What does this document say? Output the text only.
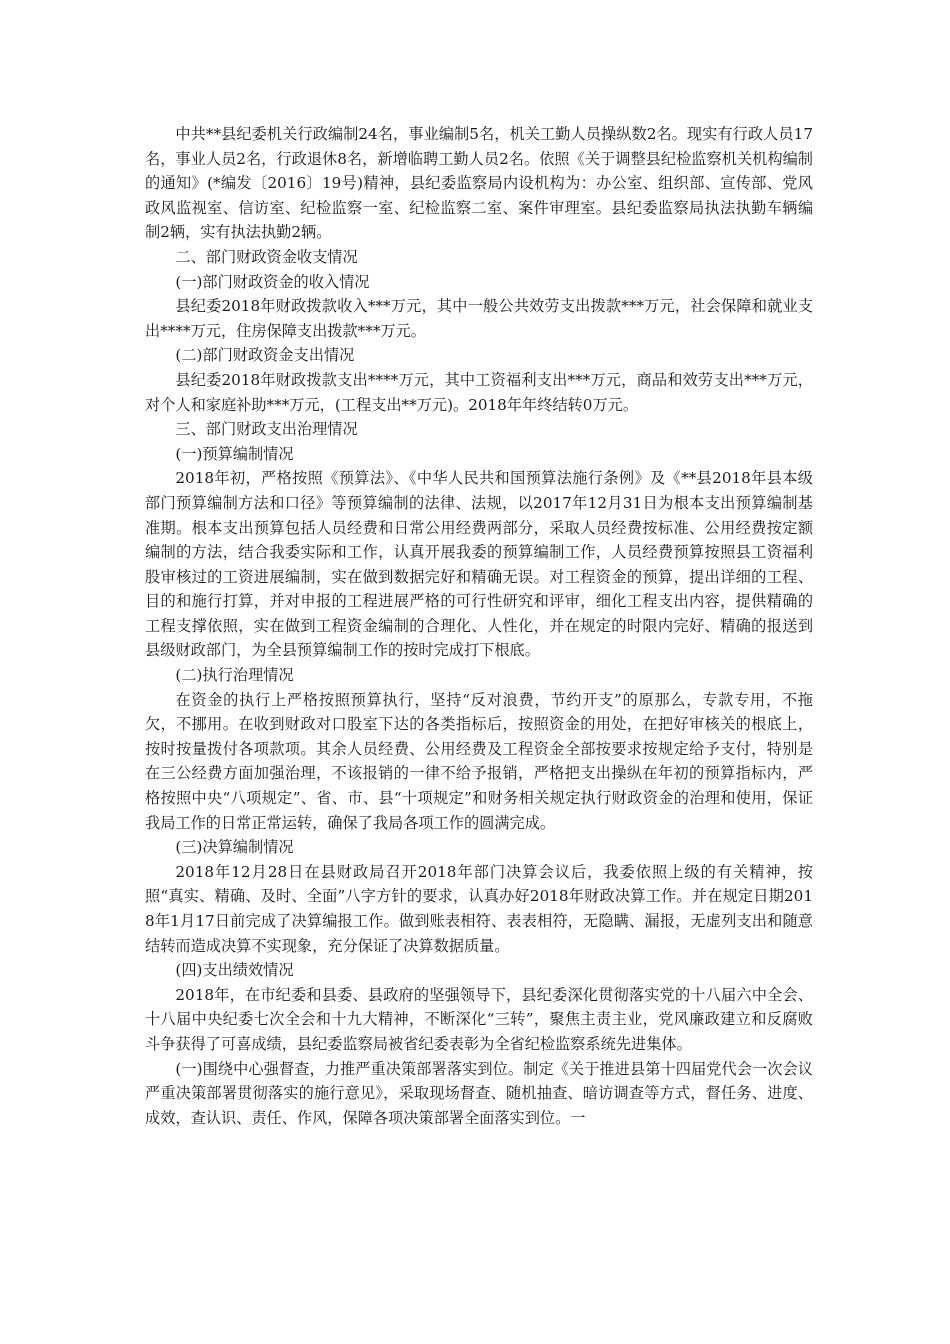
中共**县纪委机关行政编制24名，事业编制5名，机关工勤人员操纵数2名。现实有行政人员17名，事业人员2名，行政退休8名，新增临聘工勤人员2名。依照《关于调整县纪检监察机关机构编制的通知》(*编发〔2016〕19号)精神，县纪委监察局内设机构为：办公室、组织部、宣传部、党风政风监视室、信访室、纪检监察一室、纪检监察二室、案件审理室。县纪委监察局执法执勤车辆编制2辆，实有执法执勤2辆。

二、部门财政资金收支情况

(一)部门财政资金的收入情况

县纪委2018年财政拨款收入***万元，其中一般公共效劳支出拨款***万元，社会保障和就业支出****万元，住房保障支出拨款***万元。

(二)部门财政资金支出情况

县纪委2018年财政拨款支出****万元，其中工资福利支出***万元，商品和效劳支出***万元，对个人和家庭补助***万元，(工程支出**万元)。2018年年终结转0万元。

三、部门财政支出治理情况

(一)预算编制情况

2018年初，严格按照《预算法》、《中华人民共和国预算法施行条例》及《**县2018年县本级部门预算编制方法和口径》等预算编制的法律、法规，以2017年12月31日为根本支出预算编制基准期。根本支出预算包括人员经费和日常公用经费两部分，采取人员经费按标准、公用经费按定额编制的方法，结合我委实际和工作，认真开展我委的预算编制工作，人员经费预算按照县工资福利股审核过的工资进展编制，实在做到数据完好和精确无误。对工程资金的预算，提出详细的工程、目的和施行打算，并对申报的工程进展严格的可行性研究和评审，细化工程支出内容，提供精确的工程支撑依照，实在做到工程资金编制的合理化、人性化，并在规定的时限内完好、精确的报送到县级财政部门，为全县预算编制工作的按时完成打下根底。

(二)执行治理情况

在资金的执行上严格按照预算执行，坚持“反对浪费，节约开支”的原那么，专款专用，不拖欠，不挪用。在收到财政对口股室下达的各类指标后，按照资金的用处，在把好审核关的根底上，按时按量拨付各项款项。其余人员经费、公用经费及工程资金全部按要求按规定给予支付，特别是在三公经费方面加强治理，不该报销的一律不给予报销，严格把支出操纵在年初的预算指标内，严格按照中央“八项规定”、省、市、县“十项规定”和财务相关规定执行财政资金的治理和使用，保证我局工作的日常正常运转，确保了我局各项工作的圆满完成。

(三)决算编制情况

2018年12月28日在县财政局召开2018年部门决算会议后，我委依照上级的有关精神，按照“真实、精确、及时、全面”八字方针的要求，认真办好2018年财政决算工作。并在规定日期2018年1月17日前完成了决算编报工作。做到账表相符、表表相符，无隐瞒、漏报，无虚列支出和随意结转而造成决算不实现象，充分保证了决算数据质量。

(四)支出绩效情况

2018年，在市纪委和县委、县政府的坚强领导下，县纪委深化贯彻落实党的十八届六中全会、十八届中央纪委七次全会和十九大精神，不断深化“三转”，聚焦主责主业，党风廉政建立和反腐败斗争获得了可喜成绩，县纪委监察局被省纪委表彰为全省纪检监察系统先进集体。

(一)围绕中心强督查，力推严重决策部署落实到位。制定《关于推进县第十四届党代会一次会议严重决策部署贯彻落实的施行意见》，采取现场督查、随机抽查、暗访调查等方式，督任务、进度、成效，查认识、责任、作风，保障各项决策部署全面落实到位。一
